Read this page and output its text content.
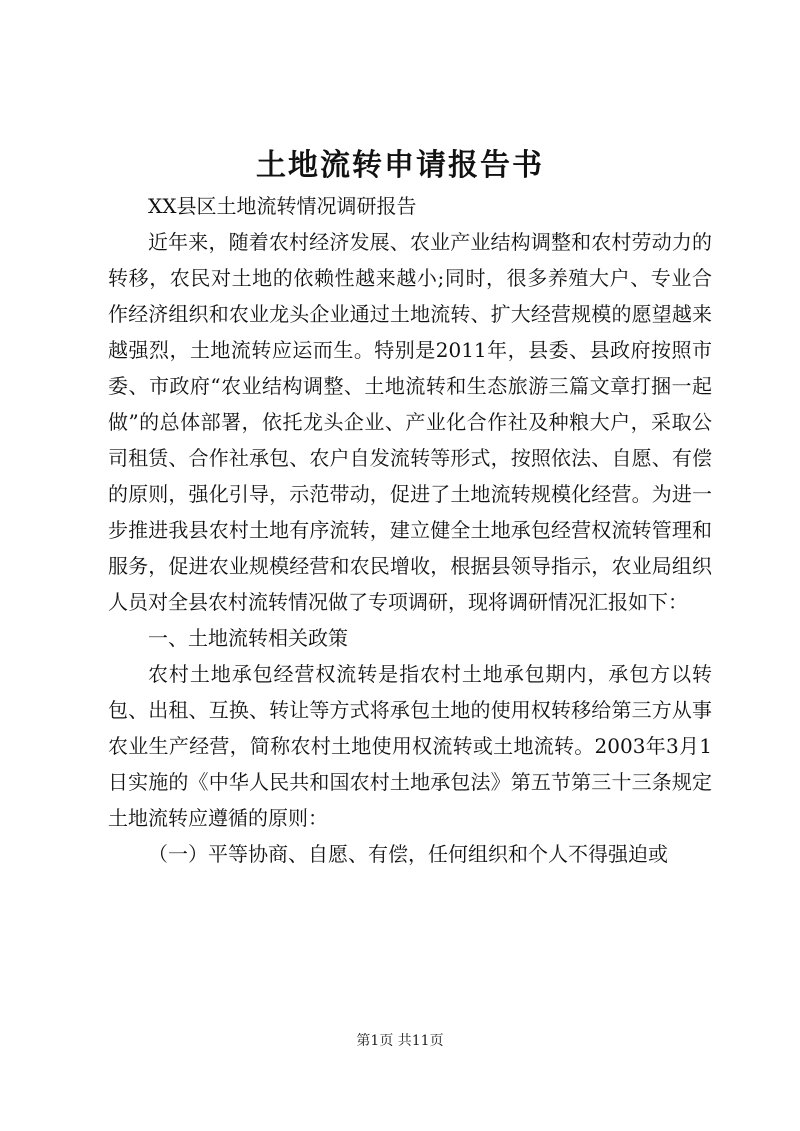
土地流转申请报告书

XX县区土地流转情况调研报告

近年来，随着农村经济发展、农业产业结构调整和农村劳动力的转移，农民对土地的依赖性越来越小;同时，很多养殖大户、专业合作经济组织和农业龙头企业通过土地流转、扩大经营规模的愿望越来越强烈，土地流转应运而生。特别是2011年，县委、县政府按照市委、市政府“农业结构调整、土地流转和生态旅游三篇文章打捆一起做”的总体部署，依托龙头企业、产业化合作社及种粮大户，采取公司租赁、合作社承包、农户自发流转等形式，按照依法、自愿、有偿的原则，强化引导，示范带动，促进了土地流转规模化经营。为进一步推进我县农村土地有序流转，建立健全土地承包经营权流转管理和服务，促进农业规模经营和农民增收，根据县领导指示，农业局组织人员对全县农村流转情况做了专项调研，现将调研情况汇报如下：

一、土地流转相关政策

农村土地承包经营权流转是指农村土地承包期内，承包方以转包、出租、互换、转让等方式将承包土地的使用权转移给第三方从事农业生产经营，简称农村土地使用权流转或土地流转。2003年3月1日实施的《中华人民共和国农村土地承包法》第五节第三十三条规定土地流转应遵循的原则：

（一）平等协商、自愿、有偿，任何组织和个人不得强迫或

第1页 共11页
